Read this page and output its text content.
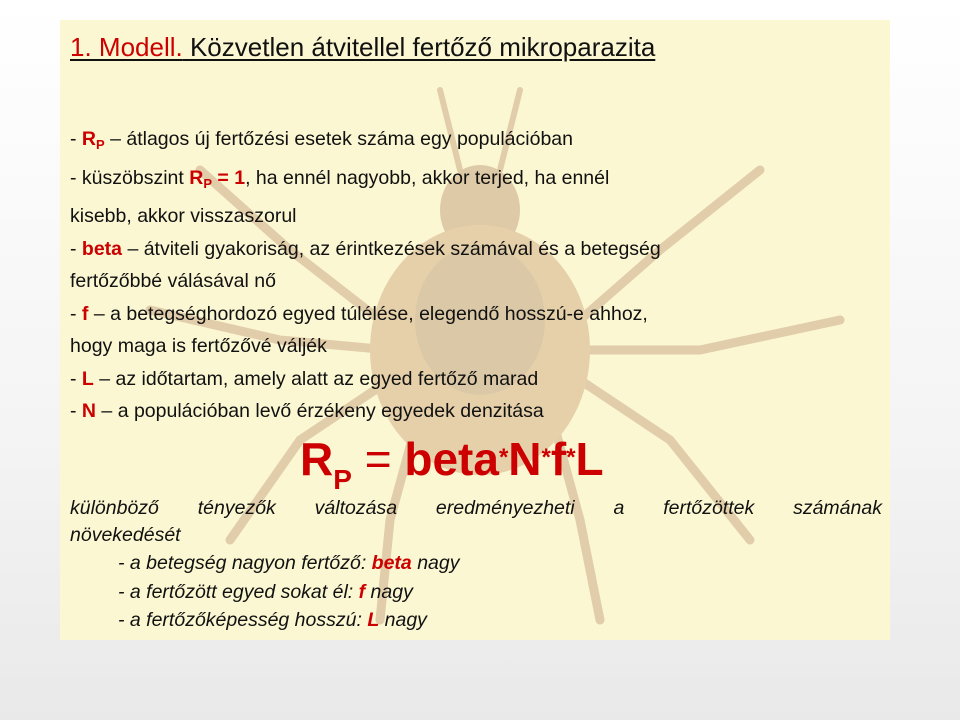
1. Modell. Közvetlen átvitellel fertőző mikroparazita
- $R_P$ – átlagos új fertőzési esetek száma egy populációban
- küszöbszint $R_P = 1$, ha ennél nagyobb, akkor terjed, ha ennél
kisebb, akkor visszaszorul
- beta – átviteli gyakoriság, az érintkezések számával és a betegség
fertőzőbbé válásával nő
- f – a betegséghordozó egyed túlélése, elegendő hosszú-e ahhoz,
hogy maga is fertőzővé váljék
- L – az időtartam, amely alatt az egyed fertőző marad
- N – a populációban levő érzékeny egyedek denzitása
$R_P$ = beta*N*f*L
különböző tényezők változása eredményezheti a fertőzöttek számának
növekedését
- a betegség nagyon fertőző: beta nagy
- a fertőzött egyed sokat él: f nagy
- a fertőzőképesség hosszú: L nagy
